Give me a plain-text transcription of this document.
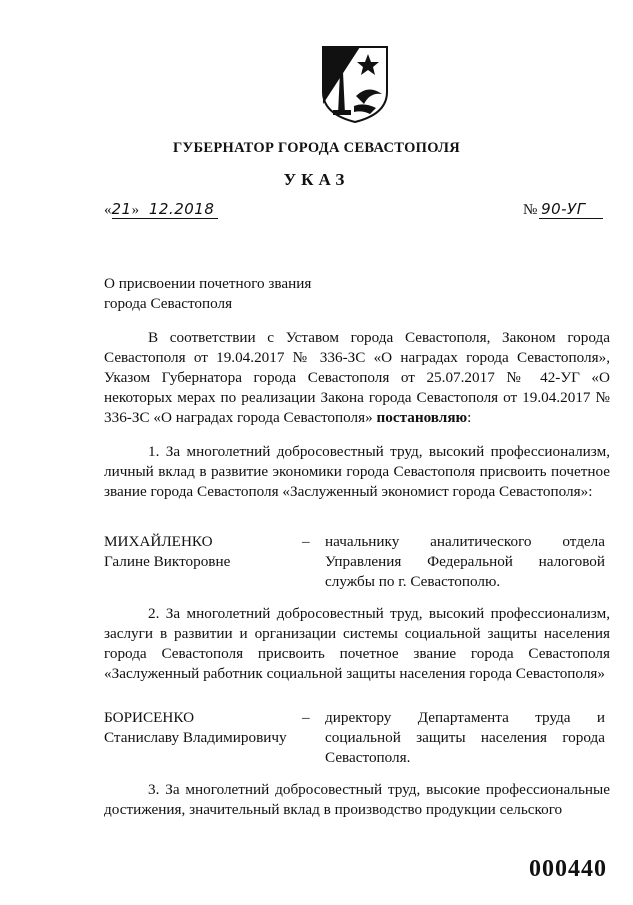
ГУБЕРНАТОР ГОРОДА СЕВАСТОПОЛЯ
УКАЗ
«21» 12.2018	№ 90-УГ
О присвоении почетного звания
города Севастополя
В соответствии с Уставом города Севастополя, Законом города Севастополя от 19.04.2017 № 336-ЗС «О наградах города Севастополя», Указом Губернатора города Севастополя от 25.07.2017 № 42-УГ «О некоторых мерах по реализации Закона города Севастополя от 19.04.2017 № 336-ЗС «О наградах города Севастополя» постановляю:
1. За многолетний добросовестный труд, высокий профессионализм, личный вклад в развитие экономики города Севастополя присвоить почетное звание города Севастополя «Заслуженный экономист города Севастополя»:
МИХАЙЛЕНКО
Галине Викторовне
– начальнику аналитического отдела Управления Федеральной налоговой службы по г. Севастополю.
2. За многолетний добросовестный труд, высокий профессионализм, заслуги в развитии и организации системы социальной защиты населения города Севастополя присвоить почетное звание города Севастополя «Заслуженный работник социальной защиты населения города Севастополя»
БОРИСЕНКО
Станиславу Владимировичу
– директору Департамента труда и социальной защиты населения города Севастополя.
3. За многолетний добросовестный труд, высокие профессиональные достижения, значительный вклад в производство продукции сельского
000440
